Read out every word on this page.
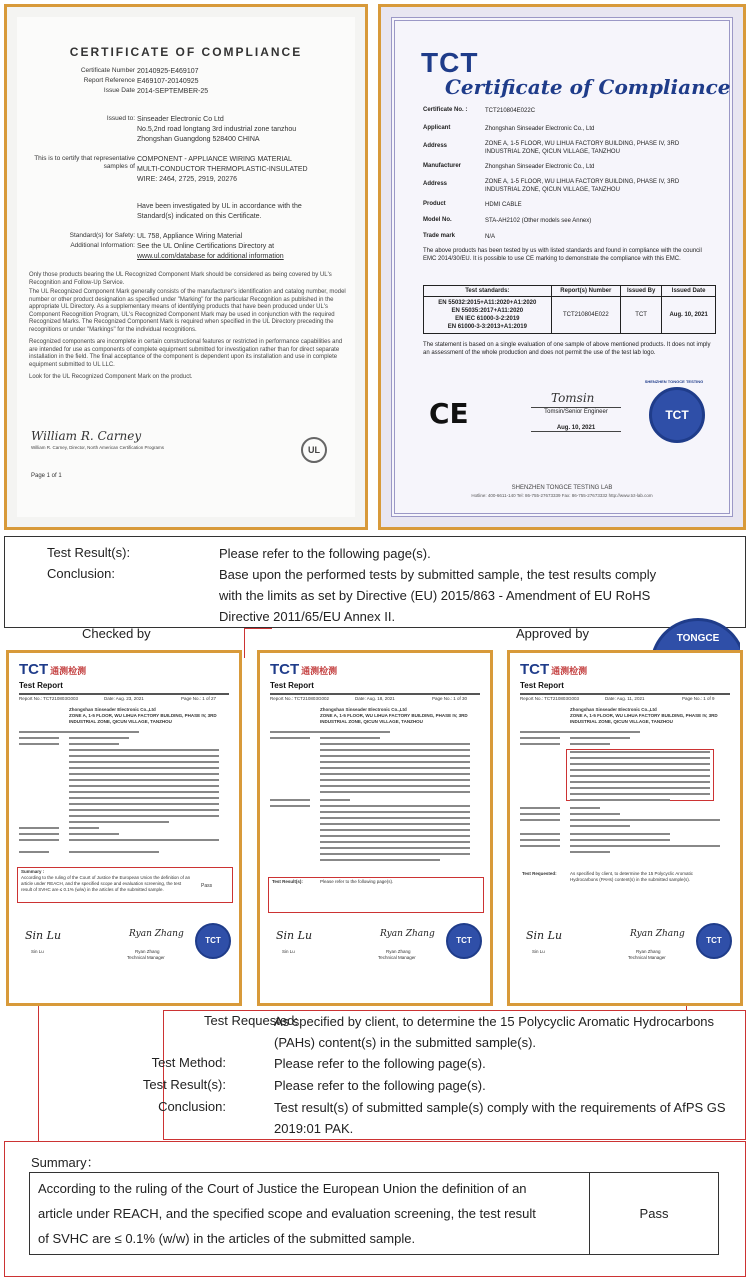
CERTIFICATE OF COMPLIANCE
Certificate Number 20140925-E469107
Report Reference E469107-20140925
Issue Date 2014-SEPTEMBER-25
Issued to: Sinseader Electronic Co Ltd
No.5,2nd road longtang 3rd industrial zone tanzhou
Zhongshan Guangdong 528400 CHINA
This is to certify that representative samples of
COMPONENT - APPLIANCE WIRING MATERIAL
MULTI-CONDUCTOR THERMOPLASTIC-INSULATED
WIRE: 2464, 2725, 2919, 20276
Have been investigated by UL in accordance with the
Standard(s) indicated on this Certificate.
Standard(s) for Safety: UL 758, Appliance Wiring Material
Additional Information: See the UL Online Certifications Directory at
www.ul.com/database for additional information
Only those products bearing the UL Recognized Component Mark should be considered as being covered by UL's Recognition and Follow-Up Service.
The UL Recognized Component Mark generally consists of the manufacturer's identification and catalog number, model number or other product designation as specified under "Marking" for the particular Recognition as published in the appropriate UL Directory. As a supplementary means of identifying products that have been produced under UL's Component Recognition Program, UL's Recognized Component Mark may be used in conjunction with the required Recognized Marks. The Recognized Component Mark is required when specified in the UL Directory preceding the recognitions or under "Markings" for the individual recognitions.
Recognized components are incomplete in certain constructional features or restricted in performance capabilities and are intended for use as components of complete equipment submitted for investigation rather than for direct separate installation in the field. The final acceptance of the component is dependent upon its installation and use in complete equipment submitted to UL LLC.
Look for the UL Recognized Component Mark on the product.
William R. Carney
William R. Carney, Director, North American Certification Programs	UL
Page 1 of 1
TCT
Certificate of Compliance
Certificate No. :	TCT210804E022C
Applicant	Zhongshan Sinseader Electronic Co., Ltd
Address	ZONE A, 1-5 FLOOR, WU LIHUA FACTORY BUILDING, PHASE IV, 3RD INDUSTRIAL ZONE, QICUN VILLAGE, TANZHOU
Manufacturer	Zhongshan Sinseader Electronic Co., Ltd
Address	ZONE A, 1-5 FLOOR, WU LIHUA FACTORY BUILDING, PHASE IV, 3RD INDUSTRIAL ZONE, QICUN VILLAGE, TANZHOU
Product	HDMI CABLE
Model No.	STA-AH2102 (Other models see Annex)
Trade mark	N/A
The above products has been tested by us with listed standards and found in compliance with the council EMC 2014/30/EU. It is possible to use CE marking to demonstrate the compliance with this EMC.
Test standards:	Report(s) Number	Issued By	Issued Date

EN 55032:2015+A11:2020+A1:2020
EN 55035:2017+A11:2020
EN IEC 61000-3-2:2019
EN 61000-3-3:2013+A1:2019	TCT210804E022	TCT	Aug. 10, 2021
The statement is based on a single evaluation of one sample of above mentioned products. It does not imply an assessment of the whole production and does not permit the use of the test lab logo.
CE	Tomsin
Tomsin/Senior Engineer
Aug. 10, 2021
TCT
SHENZHEN TONGCE TESTING
SHENZHEN TONGCE TESTING LAB
Hotline: 400-6611-140 Tel: 86-755-27673339 Fax: 86-755-27673332 http://www.tct-lab.com
Test Result(s):	Please refer to the following page(s).
Conclusion:	Base upon the performed tests by submitted sample, the test results comply
with the limits as set by Directive (EU) 2015/863 - Amendment of EU RoHS
Directive 2011/65/EU Annex II.
Checked by	Approved by	TONGCE
TCT 通测检测
Test Report
Report No.: TCT210803G003	Date: Aug. 23, 2021	Page No.: 1 of 27
Zhongshan Sinseader Electronic Co.,Ltd
ZONE A, 1-5 FLOOR, WU LIHUA FACTORY BUILDING, PHASE IV, 3RD INDUSTRIAL ZONE, QICUN VILLAGE, TANZHOU
Summary :
According to the ruling of the Court of Justice the European Union the definition of an article under REACH, and the specified scope and evaluation screening, the test result of SVHC are ≤ 0.1% (w/w) in the articles of the submitted sample.
Pass
Sin Lu
Sin Lu
Ryan Zhang
Ryan Zhang
Technical Manager
TCT
TCT 通测检测
Test Report
Report No.: TCT210803G002	Date: Aug. 18, 2021	Page No.: 1 of 30
Zhongshan Sinseader Electronic Co.,Ltd
ZONE A, 1-5 FLOOR, WU LIHUA FACTORY BUILDING, PHASE IV, 3RD INDUSTRIAL ZONE, QICUN VILLAGE, TANZHOU
Test Result(s):	Please refer to the following page(s).
Sin Lu
Sin Lu
Ryan Zhang
Ryan Zhang
Technical Manager
TCT
TCT 通测检测
Test Report
Report No.: TCT210803G003	Date: Aug. 11, 2021	Page No.: 1 of 9
Zhongshan Sinseader Electronic Co.,Ltd
ZONE A, 1-5 FLOOR, WU LIHUA FACTORY BUILDING, PHASE IV, 3RD INDUSTRIAL ZONE, QICUN VILLAGE, TANZHOU
Test Requested:	As specified by client, to determine the 15 Polycyclic Aromatic Hydrocarbons (PAHs) content(s) in the submitted sample(s).
Sin Lu
Sin Lu
Ryan Zhang
Ryan Zhang
Technical Manager
TCT
Test Requested:
As specified by client, to determine the 15 Polycyclic Aromatic Hydrocarbons
(PAHs) content(s) in the submitted sample(s).
Test Method:	Please refer to the following page(s).
Test Result(s):	Please refer to the following page(s).
Conclusion:	Test result(s) of submitted sample(s) comply with the requirements of AfPS GS
2019:01 PAK.
Summary：
According to the ruling of the Court of Justice the European Union the definition of an
article under REACH, and the specified scope and evaluation screening, the test result
of SVHC are ≤ 0.1% (w/w) in the articles of the submitted sample.
	Pass
